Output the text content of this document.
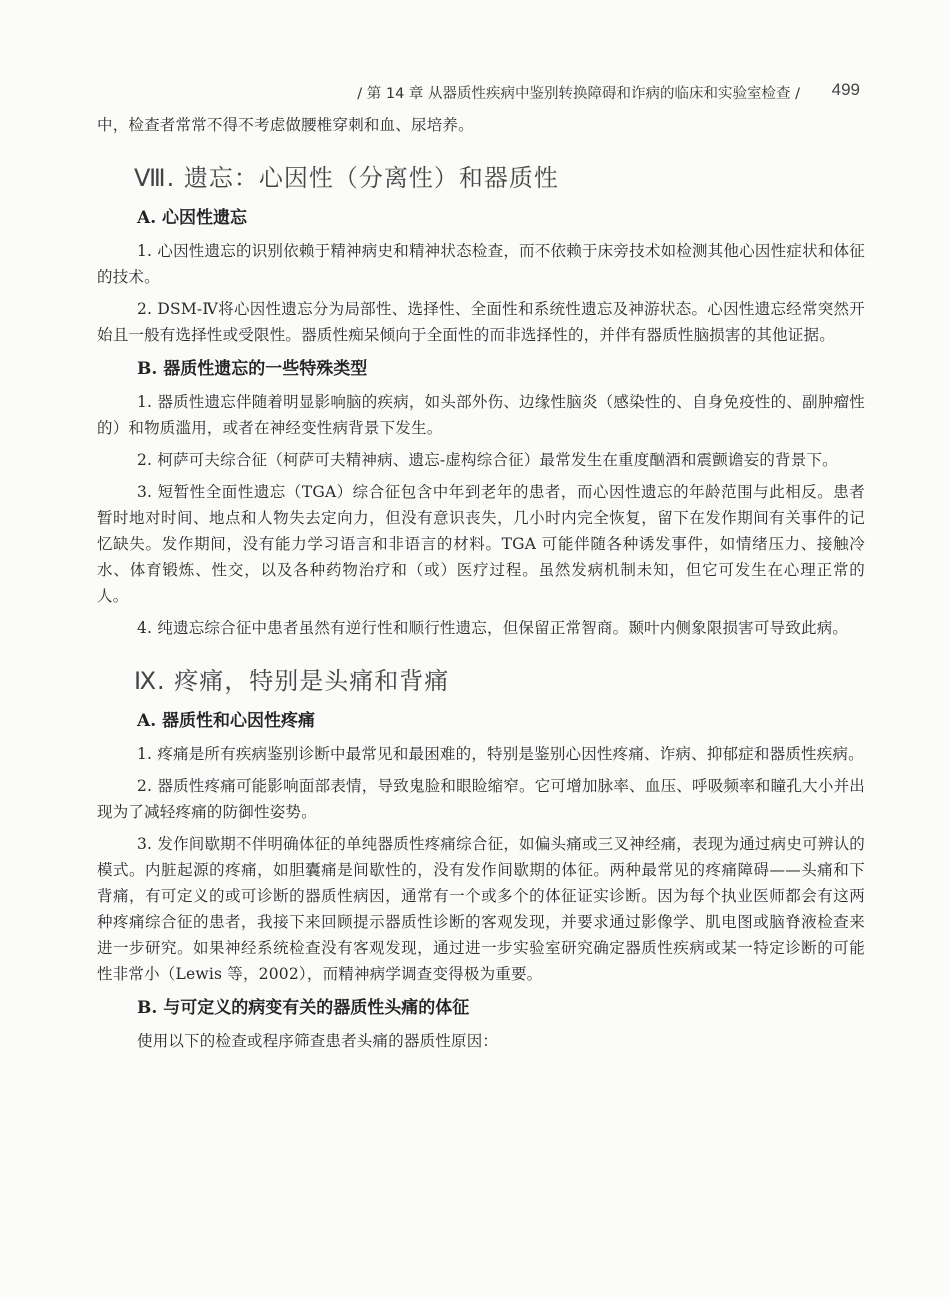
/ 第 14 章 从器质性疾病中鉴别转换障碍和诈病的临床和实验室检查 / 499

中，检查者常常不得不考虑做腰椎穿刺和血、尿培养。

Ⅷ. 遗忘：心因性（分离性）和器质性
A. 心因性遗忘

1. 心因性遗忘的识别依赖于精神病史和精神状态检查，而不依赖于床旁技术如检测其他心因性症状和体征的技术。

2. DSM-Ⅳ将心因性遗忘分为局部性、选择性、全面性和系统性遗忘及神游状态。心因性遗忘经常突然开始且一般有选择性或受限性。器质性痴呆倾向于全面性的而非选择性的，并伴有器质性脑损害的其他证据。

B. 器质性遗忘的一些特殊类型

1. 器质性遗忘伴随着明显影响脑的疾病，如头部外伤、边缘性脑炎（感染性的、自身免疫性的、副肿瘤性的）和物质滥用，或者在神经变性病背景下发生。

2. 柯萨可夫综合征（柯萨可夫精神病、遗忘-虚构综合征）最常发生在重度酗酒和震颤谵妄的背景下。

3. 短暂性全面性遗忘（TGA）综合征包含中年到老年的患者，而心因性遗忘的年龄范围与此相反。患者暂时地对时间、地点和人物失去定向力，但没有意识丧失，几小时内完全恢复，留下在发作期间有关事件的记忆缺失。发作期间，没有能力学习语言和非语言的材料。TGA 可能伴随各种诱发事件，如情绪压力、接触冷水、体育锻炼、性交，以及各种药物治疗和（或）医疗过程。虽然发病机制未知，但它可发生在心理正常的人。

4. 纯遗忘综合征中患者虽然有逆行性和顺行性遗忘，但保留正常智商。颞叶内侧象限损害可导致此病。

Ⅸ. 疼痛，特别是头痛和背痛
A. 器质性和心因性疼痛

1. 疼痛是所有疾病鉴别诊断中最常见和最困难的，特别是鉴别心因性疼痛、诈病、抑郁症和器质性疾病。

2. 器质性疼痛可能影响面部表情，导致鬼脸和眼睑缩窄。它可增加脉率、血压、呼吸频率和瞳孔大小并出现为了减轻疼痛的防御性姿势。

3. 发作间歇期不伴明确体征的单纯器质性疼痛综合征，如偏头痛或三叉神经痛，表现为通过病史可辨认的模式。内脏起源的疼痛，如胆囊痛是间歇性的，没有发作间歇期的体征。两种最常见的疼痛障碍——头痛和下背痛，有可定义的或可诊断的器质性病因，通常有一个或多个的体征证实诊断。因为每个执业医师都会有这两种疼痛综合征的患者，我接下来回顾提示器质性诊断的客观发现，并要求通过影像学、肌电图或脑脊液检查来进一步研究。如果神经系统检查没有客观发现，通过进一步实验室研究确定器质性疾病或某一特定诊断的可能性非常小（Lewis 等，2002），而精神病学调查变得极为重要。

B. 与可定义的病变有关的器质性头痛的体征

使用以下的检查或程序筛查患者头痛的器质性原因：
